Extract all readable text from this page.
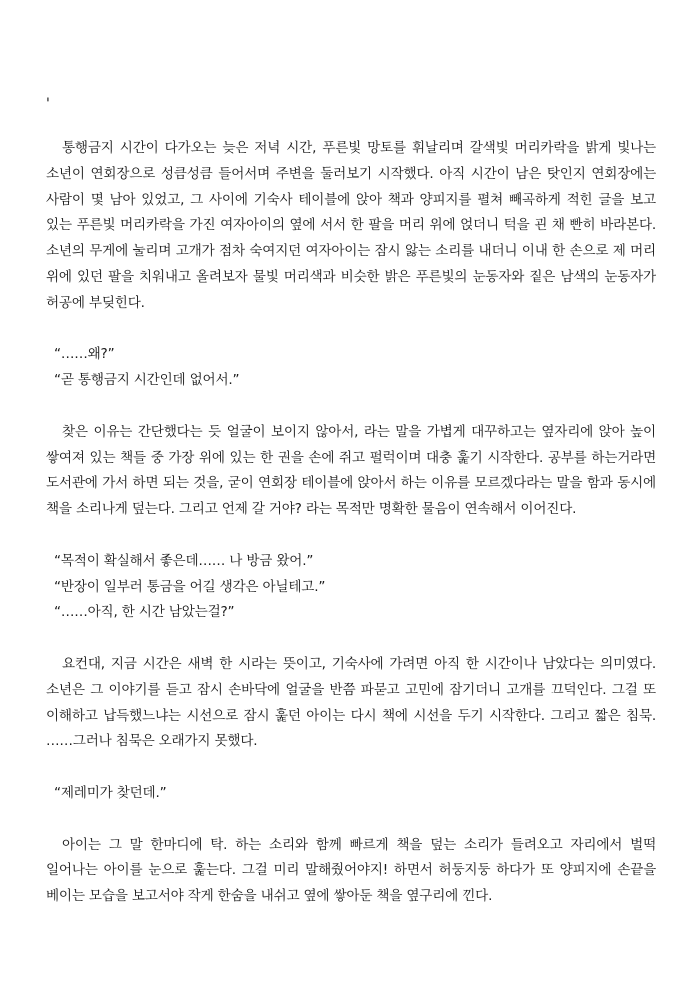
'

통행금지 시간이 다가오는 늦은 저녁 시간, 푸른빛 망토를 휘날리며 갈색빛 머리카락을 밝게 빛나는 소년이 연회장으로 성큼성큼 들어서며 주변을 둘러보기 시작했다. 아직 시간이 남은 탓인지 연회장에는 사람이 몇 남아 있었고, 그 사이에 기숙사 테이블에 앉아 책과 양피지를 펼쳐 빼곡하게 적힌 글을 보고 있는 푸른빛 머리카락을 가진 여자아이의 옆에 서서 한 팔을 머리 위에 얹더니 턱을 괸 채 빤히 바라본다. 소년의 무게에 눌리며 고개가 점차 숙여지던 여자아이는 잠시 앓는 소리를 내더니 이내 한 손으로 제 머리 위에 있던 팔을 치워내고 올려보자 물빛 머리색과 비슷한 밝은 푸른빛의 눈동자와 짙은 남색의 눈동자가 허공에 부딪힌다.

“……왜?”

“곧 통행금지 시간인데 없어서.”

찾은 이유는 간단했다는 듯 얼굴이 보이지 않아서, 라는 말을 가볍게 대꾸하고는 옆자리에 앉아 높이 쌓여져 있는 책들 중 가장 위에 있는 한 권을 손에 쥐고 펄럭이며 대충 훑기 시작한다. 공부를 하는거라면 도서관에 가서 하면 되는 것을, 굳이 연회장 테이블에 앉아서 하는 이유를 모르겠다라는 말을 함과 동시에 책을 소리나게 덮는다. 그리고 언제 갈 거야? 라는 목적만 명확한 물음이 연속해서 이어진다.

“목적이 확실해서 좋은데…… 나 방금 왔어.”

“반장이 일부러 통금을 어길 생각은 아닐테고.”

“……아직, 한 시간 남았는걸?”

요컨대, 지금 시간은 새벽 한 시라는 뜻이고, 기숙사에 가려면 아직 한 시간이나 남았다는 의미였다. 소년은 그 이야기를 듣고 잠시 손바닥에 얼굴을 반쯤 파묻고 고민에 잠기더니 고개를 끄덕인다. 그걸 또 이해하고 납득했느냐는 시선으로 잠시 훑던 아이는 다시 책에 시선을 두기 시작한다. 그리고 짧은 침묵. ……그러나 침묵은 오래가지 못했다.

“제레미가 찾던데.”

아이는 그 말 한마디에 탁. 하는 소리와 함께 빠르게 책을 덮는 소리가 들려오고 자리에서 벌떡 일어나는 아이를 눈으로 훑는다. 그걸 미리 말해줬어야지! 하면서 허둥지둥 하다가 또 양피지에 손끝을 베이는 모습을 보고서야 작게 한숨을 내쉬고 옆에 쌓아둔 책을 옆구리에 낀다.
